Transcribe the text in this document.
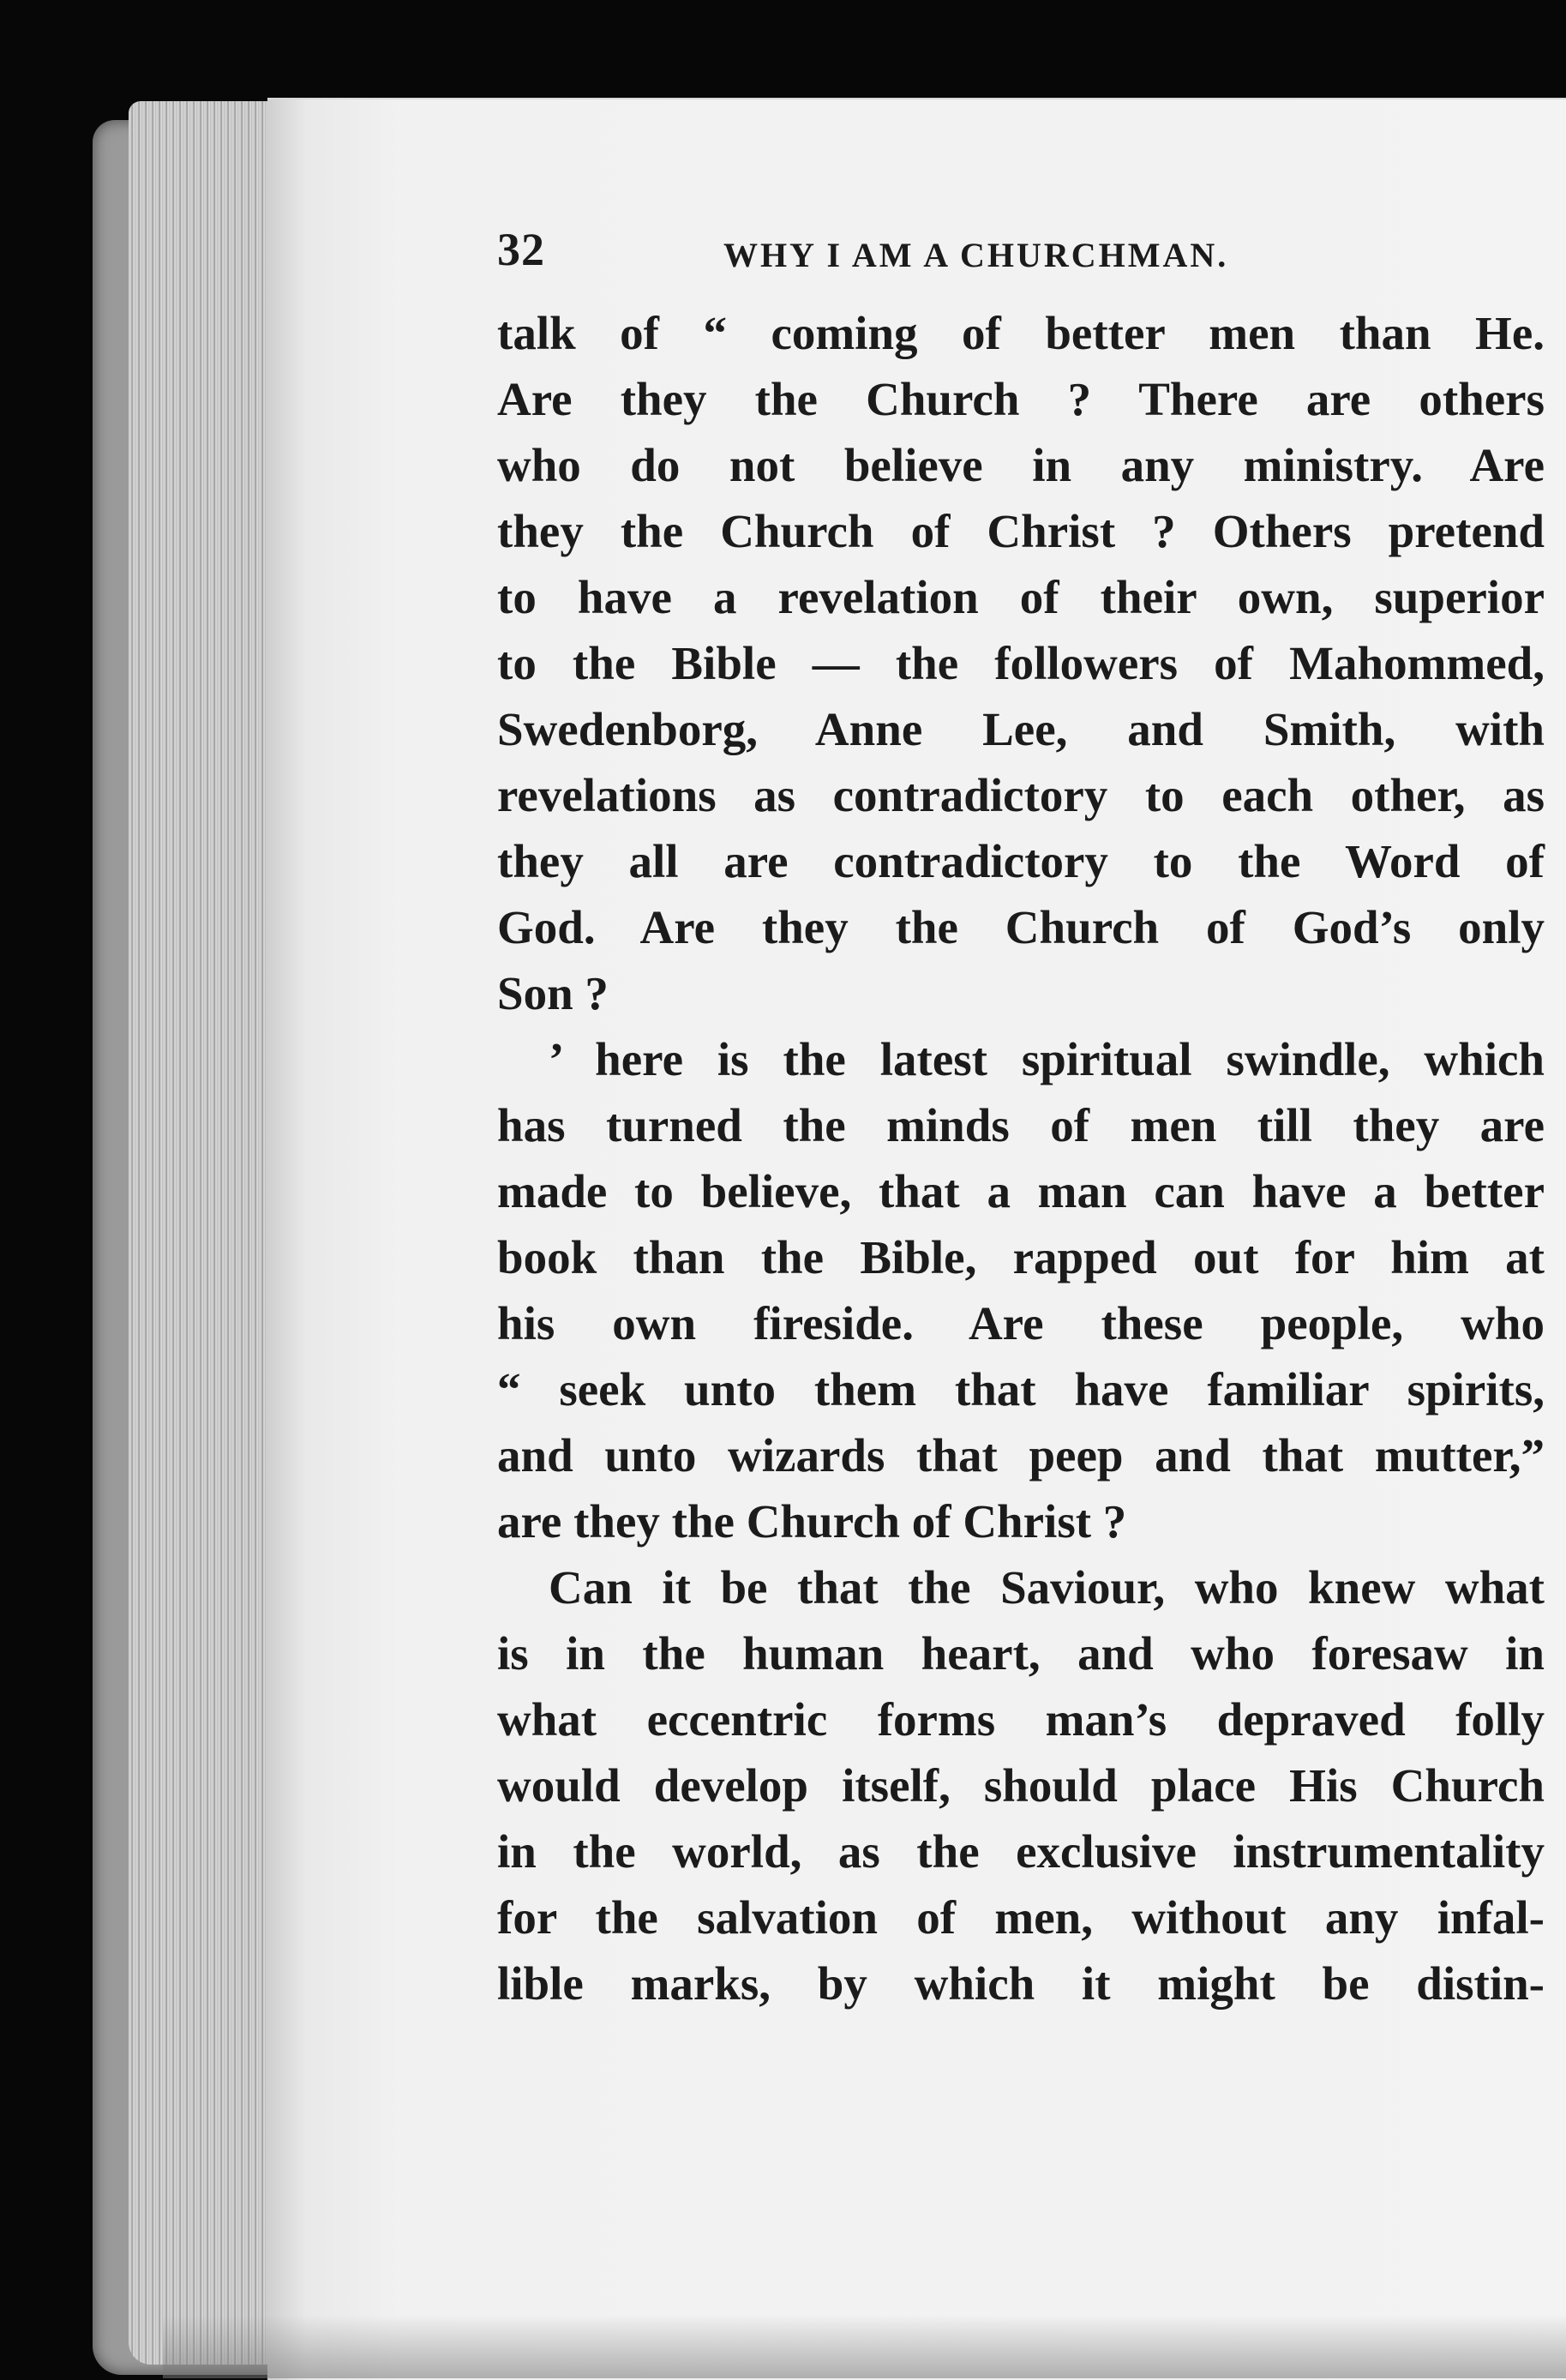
32	WHY I AM A CHURCHMAN.

talk of “ coming of better men than He.
Are they the Church ? There are others
who do not believe in any ministry. Are
they the Church of Christ ? Others pretend
to have a revelation of their own, superior
to the Bible — the followers of Mahommed,
Swedenborg, Anne Lee, and Smith, with
revelations as contradictory to each other, as
they all are contradictory to the Word of
God. Are they the Church of God’s only
Son ?

’ here is the latest spiritual swindle, which
has turned the minds of men till they are
made to believe, that a man can have a better
book than the Bible, rapped out for him at
his own fireside. Are these people, who
“ seek unto them that have familiar spirits,
and unto wizards that peep and that mutter,”
are they the Church of Christ ?

Can it be that the Saviour, who knew what
is in the human heart, and who foresaw in
what eccentric forms man’s depraved folly
would develop itself, should place His Church
in the world, as the exclusive instrumentality
for the salvation of men, without any infal-
lible marks, by which it might be distin-
